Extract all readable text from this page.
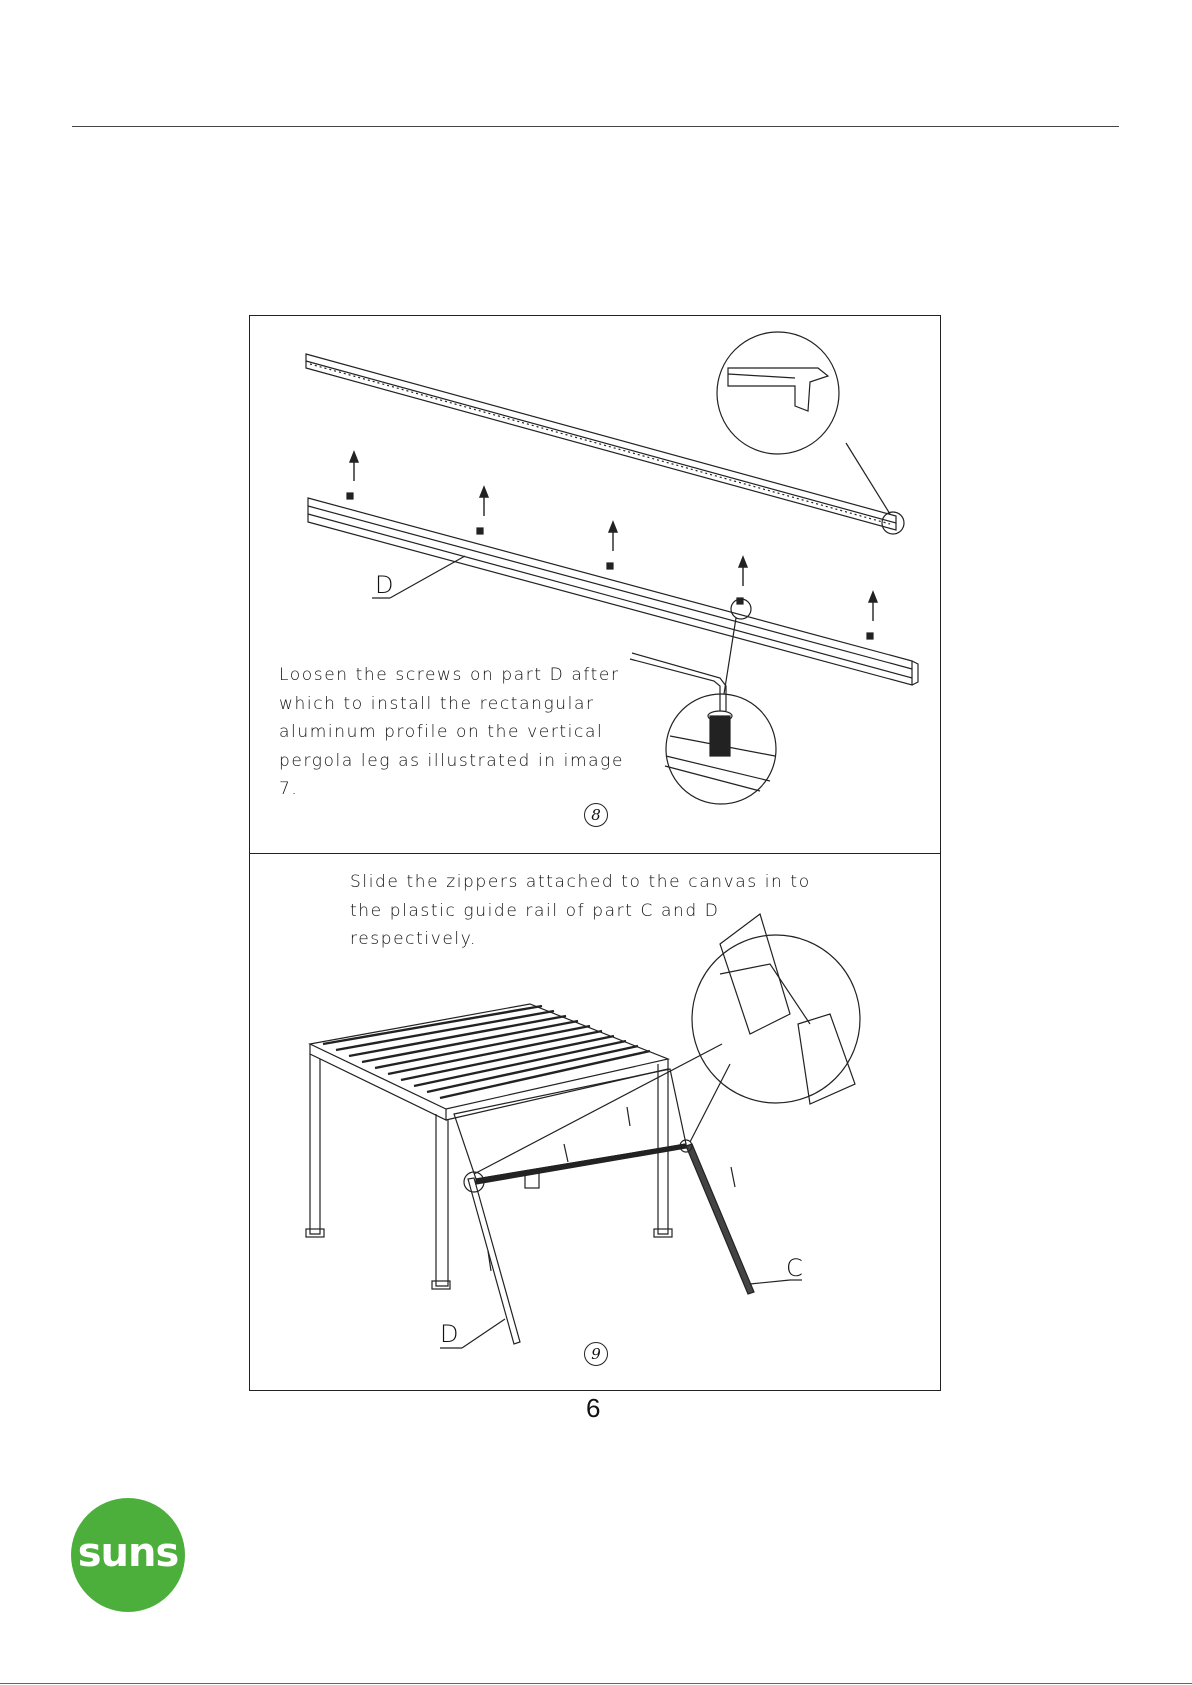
Loosen the screws on part D after
which to install the rectangular
aluminum profile on the vertical
pergola leg as illustrated in image 7.
D
8
Slide the zippers attached to the canvas in to
the plastic guide rail of part C and D respectively.
D
C
9
6
suns
